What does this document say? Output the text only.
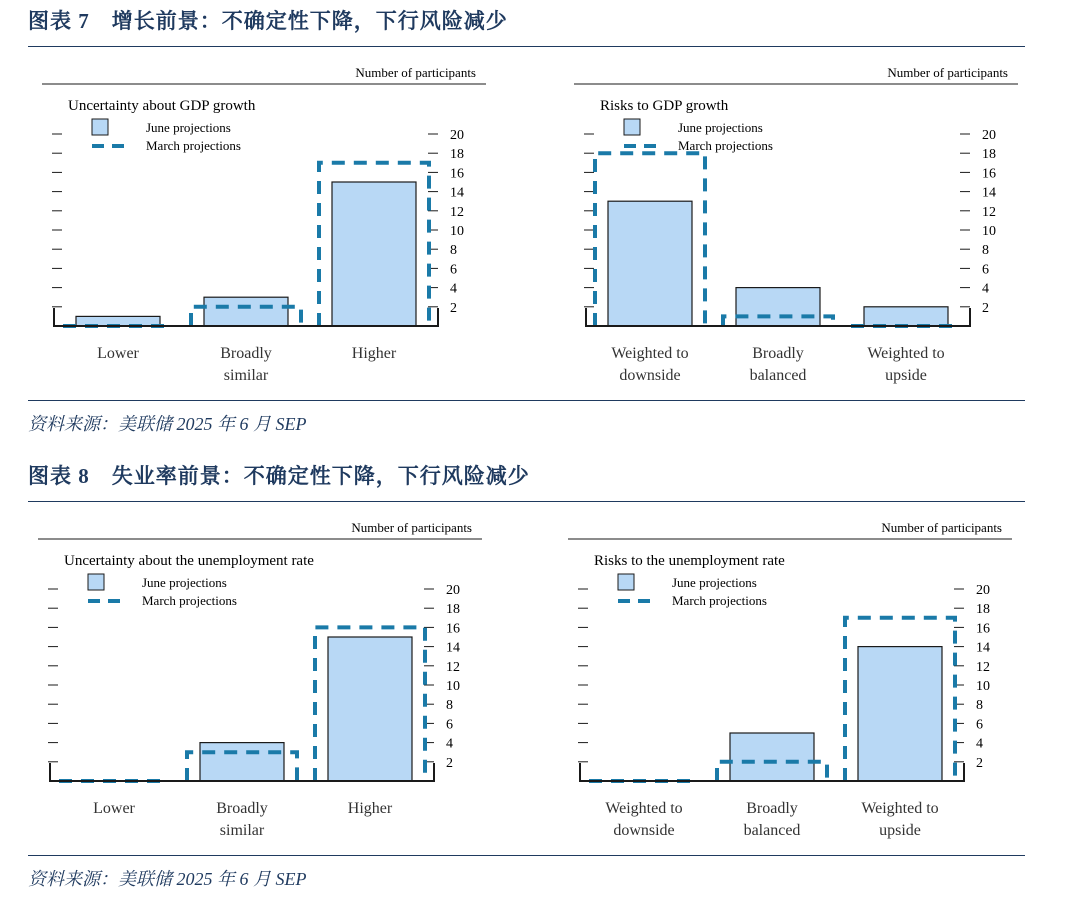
图表 7　增长前景：不确定性下降，下行风险减少
Number of participants
Uncertainty about GDP growth
June projections
March projections
2
4
6
8
10
12
14
16
18
20
Lower	Broadly similar
Higher
Number of participants
Risks to GDP growth
June projections
March projections
2
4
6
8
10
12
14
16
18
20
Weighted to downside
Broadly balanced
Weighted to upside
资料来源：美联储 2025 年 6 月 SEP
图表 8　失业率前景：不确定性下降，下行风险减少
Number of participants
Uncertainty about the unemployment rate
June projections
March projections
2
4
6
8
10
12
14
16
18
20
Lower	Broadly similar
Higher
Number of participants
Risks to the unemployment rate
June projections
March projections
2
4
6
8
10
12
14
16
18
20
Weighted to downside
Broadly balanced
Weighted to upside
资料来源：美联储 2025 年 6 月 SEP
